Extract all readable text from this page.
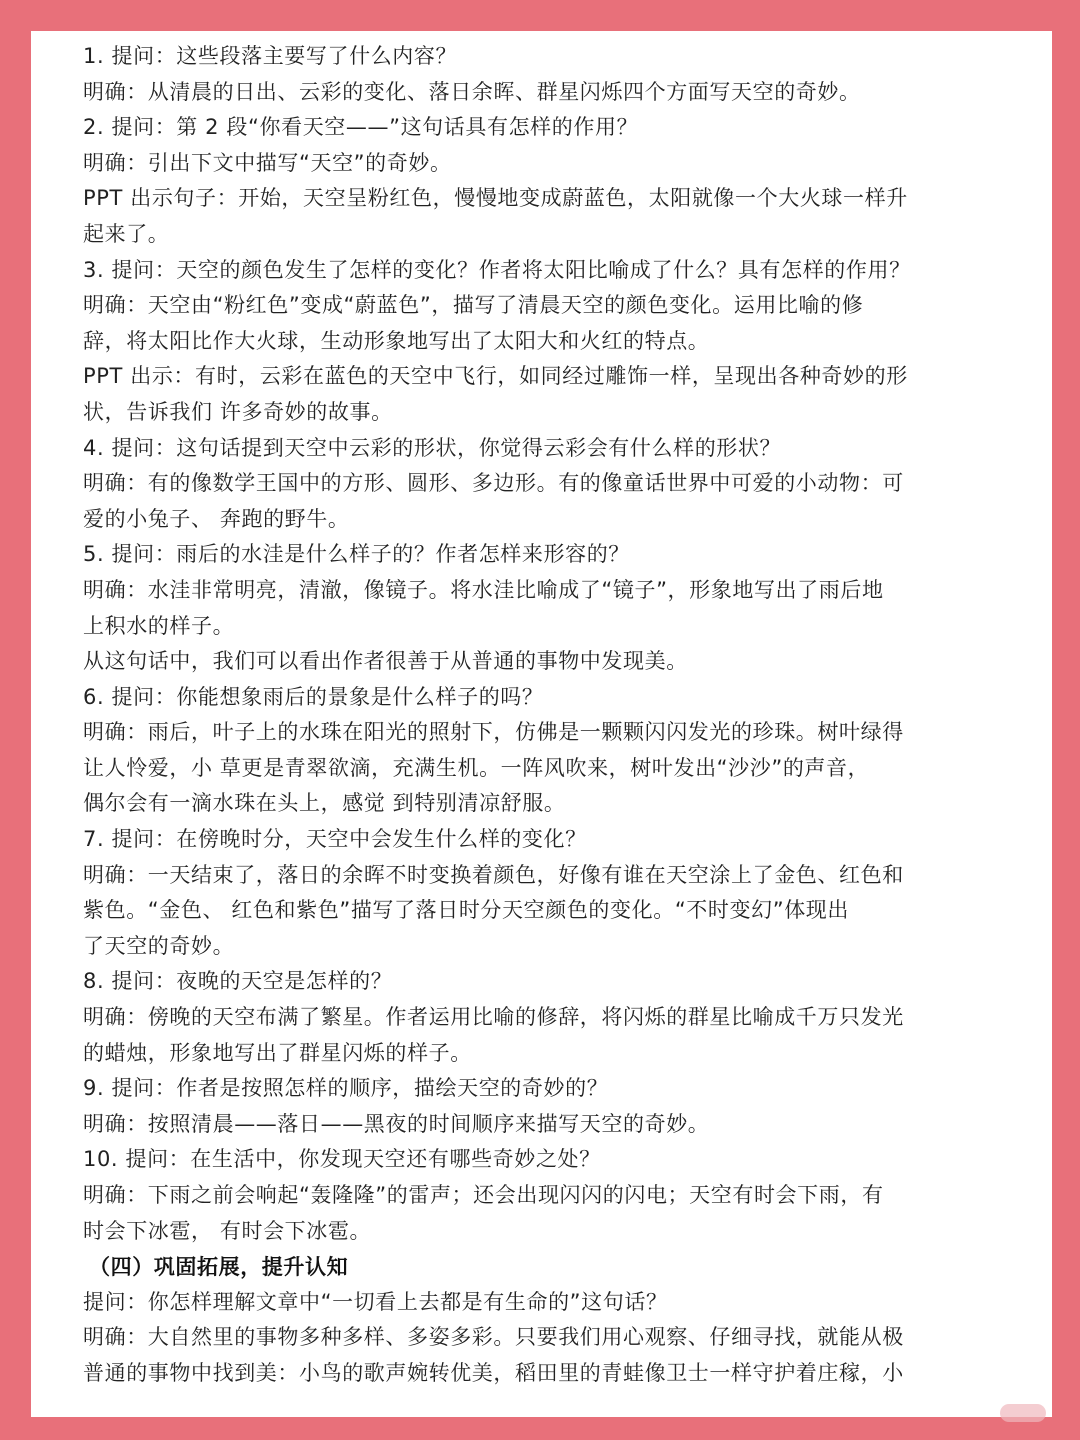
1. 提问：这些段落主要写了什么内容？
明确：从清晨的日出、云彩的变化、落日余晖、群星闪烁四个方面写天空的奇妙。
2. 提问：第 2 段“你看天空——”这句话具有怎样的作用？
明确：引出下文中描写“天空”的奇妙。
PPT 出示句子：开始，天空呈粉红色，慢慢地变成蔚蓝色，太阳就像一个大火球一样升
起来了。
3. 提问：天空的颜色发生了怎样的变化？作者将太阳比喻成了什么？具有怎样的作用？
明确：天空由“粉红色”变成“蔚蓝色”，描写了清晨天空的颜色变化。运用比喻的修
辞，将太阳比作大火球，生动形象地写出了太阳大和火红的特点。
PPT 出示：有时，云彩在蓝色的天空中飞行，如同经过雕饰一样，呈现出各种奇妙的形
状，告诉我们 许多奇妙的故事。
4. 提问：这句话提到天空中云彩的形状，你觉得云彩会有什么样的形状？
明确：有的像数学王国中的方形、圆形、多边形。有的像童话世界中可爱的小动物：可
爱的小兔子、 奔跑的野牛。
5. 提问：雨后的水洼是什么样子的？作者怎样来形容的？
明确：水洼非常明亮，清澈，像镜子。将水洼比喻成了“镜子”，形象地写出了雨后地
上积水的样子。
从这句话中，我们可以看出作者很善于从普通的事物中发现美。
6. 提问：你能想象雨后的景象是什么样子的吗？
明确：雨后，叶子上的水珠在阳光的照射下，仿佛是一颗颗闪闪发光的珍珠。树叶绿得
让人怜爱，小 草更是青翠欲滴，充满生机。一阵风吹来，树叶发出“沙沙”的声音，
偶尔会有一滴水珠在头上，感觉 到特别清凉舒服。
7. 提问：在傍晚时分，天空中会发生什么样的变化？
明确：一天结束了，落日的余晖不时变换着颜色，好像有谁在天空涂上了金色、红色和
紫色。“金色、 红色和紫色”描写了落日时分天空颜色的变化。“不时变幻”体现出
了天空的奇妙。
8. 提问：夜晚的天空是怎样的？
明确：傍晚的天空布满了繁星。作者运用比喻的修辞，将闪烁的群星比喻成千万只发光
的蜡烛，形象地写出了群星闪烁的样子。
9. 提问：作者是按照怎样的顺序，描绘天空的奇妙的？
明确：按照清晨——落日——黑夜的时间顺序来描写天空的奇妙。
10. 提问：在生活中，你发现天空还有哪些奇妙之处？
明确：下雨之前会响起“轰隆隆”的雷声；还会出现闪闪的闪电；天空有时会下雨，有
时会下冰雹， 有时会下冰雹。
（四）巩固拓展，提升认知
提问：你怎样理解文章中“一切看上去都是有生命的”这句话？
明确：大自然里的事物多种多样、多姿多彩。只要我们用心观察、仔细寻找，就能从极
普通的事物中找到美：小鸟的歌声婉转优美，稻田里的青蛙像卫士一样守护着庄稼，小
